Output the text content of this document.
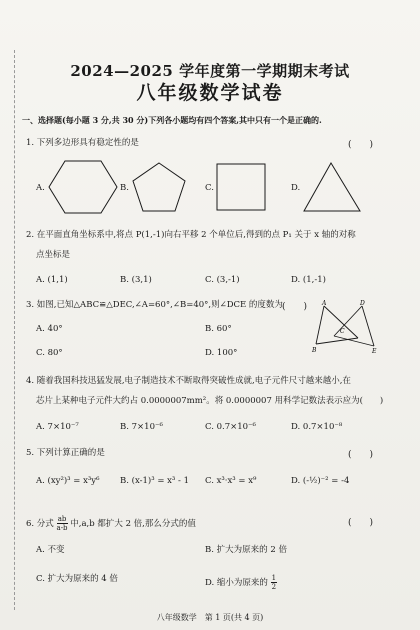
2024—2025 学年度第一学期期末考试
八年级数学试卷
一、选择题(每小题 3 分,共 30 分)下列各小题均有四个答案,其中只有一个是正确的.
1. 下列多边形具有稳定性的是	(　　)
A.	B.	C.	D.
2. 在平面直角坐标系中,将点 P(1,-1)向右平移 2 个单位后,得到的点 P₁ 关于 x 轴的对称
点坐标是
A. (1,1)	B. (3,1)	C. (3,-1)	D. (1,-1)
3. 如图,已知△ABC≌△DEC,∠A=60°,∠B=40°,则∠DCE 的度数为 (　　)
A. 40°	B. 60°
C. 80°	D. 100°
A	D
C
B	E
4. 随着我国科技迅猛发展,电子制造技术不断取得突破性成就,电子元件尺寸越来越小,在
芯片上某种电子元件大约占 0.0000007mm²。将 0.0000007 用科学记数法表示应为(　　)
A. 7×10⁻⁷	B. 7×10⁻⁶	C. 0.7×10⁻⁶	D. 0.7×10⁻⁸
5. 下列计算正确的是	(　　)
A. (xy²)³ = x³y⁶ B. (x-1)³ = x³ - 1 C. x³·x³ = x⁹	D. (-½)⁻² = -4
6. 分式 $\frac{ab}{a-b}$ 中,a,b 都扩大 2 倍,那么分式的值	(　　)
A. 不变	B. 扩大为原来的 2 倍
C. 扩大为原来的 4 倍	D. 缩小为原来的 $\frac{1}{2}$
八年级数学　第 1 页(共 4 页)
